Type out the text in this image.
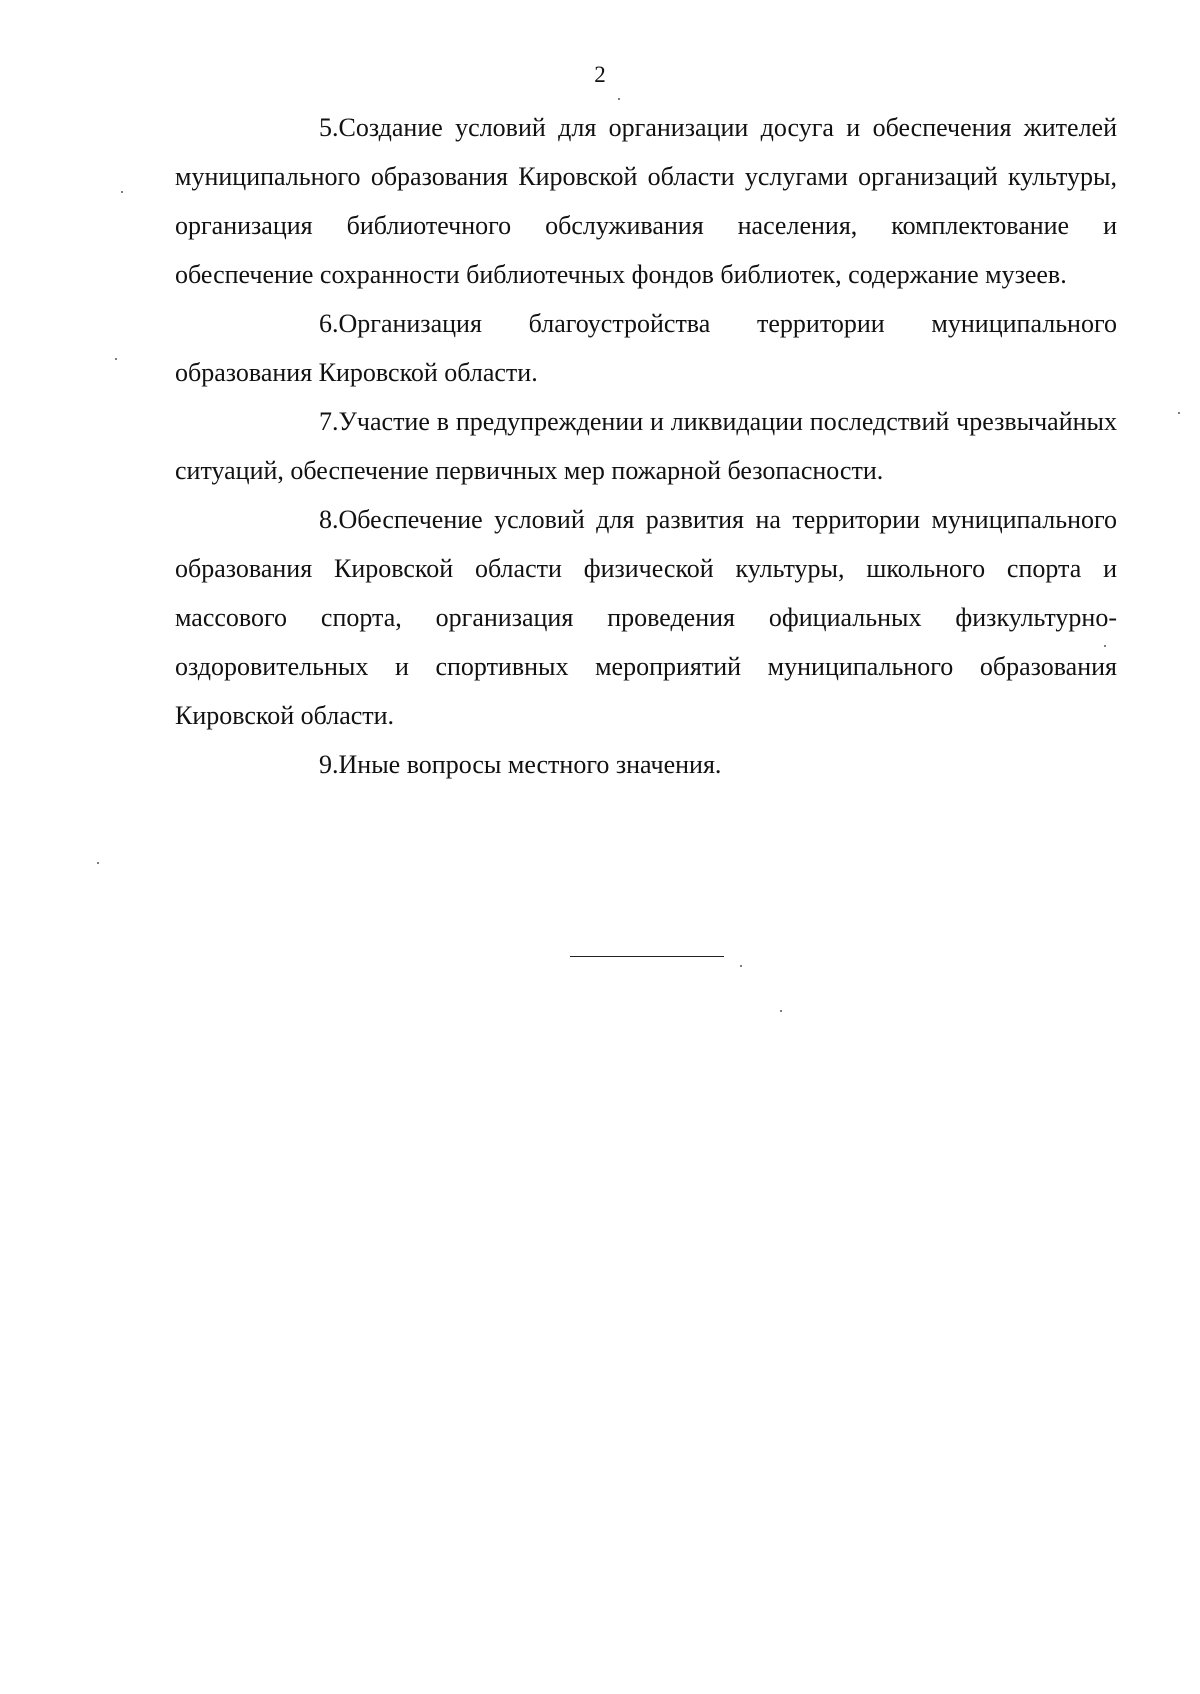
2

5.Создание условий для организации досуга и обеспечения жителей муниципального образования Кировской области услугами организаций культуры, организация библиотечного обслуживания населения, комплектование и обеспечение сохранности библиотечных фондов библиотек, содержание музеев.

6.Организация благоустройства территории муниципального образования Кировской области.

7.Участие в предупреждении и ликвидации последствий чрезвычайных ситуаций, обеспечение первичных мер пожарной безопасности.

8.Обеспечение условий для развития на территории муниципального образования Кировской области физической культуры, школьного спорта и массового спорта, организация проведения официальных физкультурно-оздоровительных и спортивных мероприятий муниципального образования Кировской области.

9.Иные вопросы местного значения.
